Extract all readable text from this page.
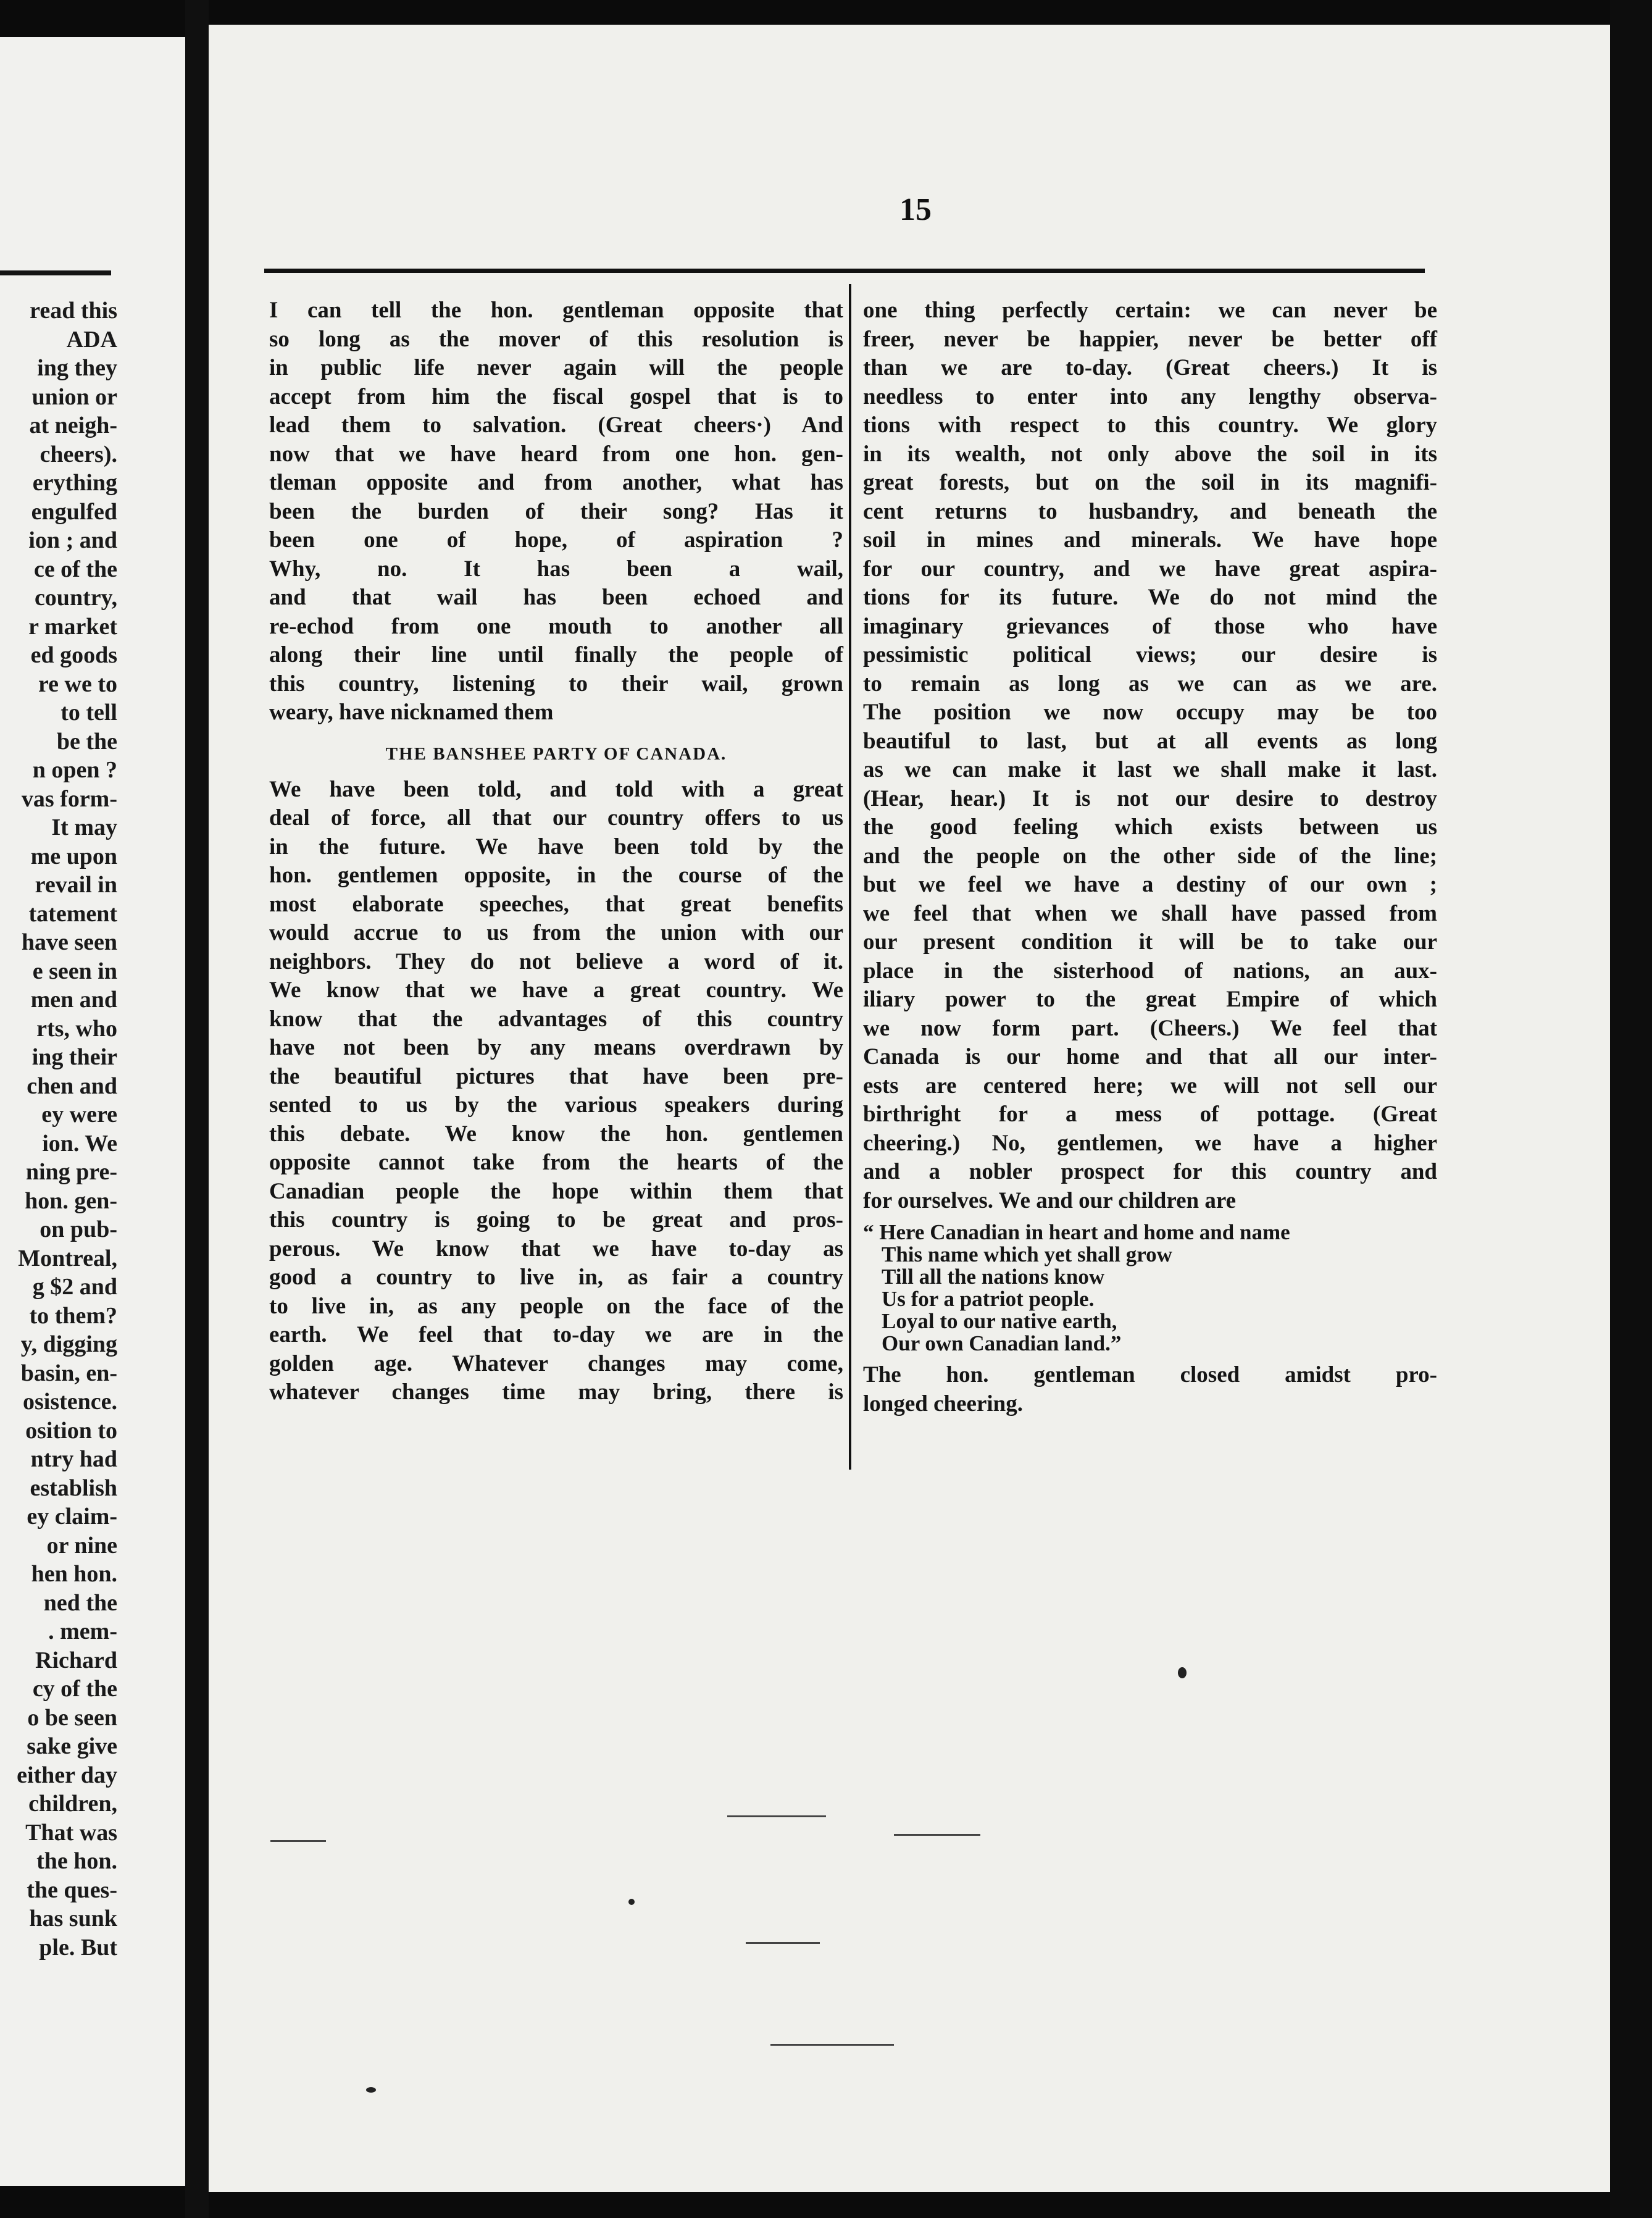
read this
ADA
ing they
union or
at neigh-
cheers).
erything
engulfed
ion ; and
ce of the
country,
r market
ed goods
re we to
to tell
be the
n open ?
vas form-
It may
me upon
revail in
tatement
have seen
e seen in
men and
rts, who
ing their
chen and
ey were
ion. We
ning pre-
hon. gen-
on pub-
Montreal,
g $2 and
to them?
y, digging
basin, en-
osistence.
osition to
ntry had
establish
ey claim-
or nine
hen hon.
ned the
. mem-
Richard
cy of the
o be seen
sake give
either day
children,
That was
the hon.
the ques-
has sunk
ple. But
15
I can tell the hon. gentleman opposite that
so long as the mover of this resolution is
in public life never again will the people
accept from him the fiscal gospel that is to
lead them to salvation. (Great cheers·) And
now that we have heard from one hon. gen-
tleman opposite and from another, what has
been the burden of their song? Has it
been one of hope, of aspiration ?
Why, no. It has been a wail,
and that wail has been echoed and
re-echod from one mouth to another all
along their line until finally the people of
this country, listening to their wail, grown
weary, have nicknamed them
THE BANSHEE PARTY OF CANADA.
We have been told, and told with a great
deal of force, all that our country offers to us
in the future. We have been told by the
hon. gentlemen opposite, in the course of the
most elaborate speeches, that great benefits
would accrue to us from the union with our
neighbors. They do not believe a word of it.
We know that we have a great country. We
know that the advantages of this country
have not been by any means overdrawn by
the beautiful pictures that have been pre-
sented to us by the various speakers during
this debate. We know the hon. gentlemen
opposite cannot take from the hearts of the
Canadian people the hope within them that
this country is going to be great and pros-
perous. We know that we have to-day as
good a country to live in, as fair a country
to live in, as any people on the face of the
earth. We feel that to-day we are in the
golden age. Whatever changes may come,
whatever changes time may bring, there is
one thing perfectly certain: we can never be
freer, never be happier, never be better off
than we are to-day. (Great cheers.) It is
needless to enter into any lengthy observa-
tions with respect to this country. We glory
in its wealth, not only above the soil in its
great forests, but on the soil in its magnifi-
cent returns to husbandry, and beneath the
soil in mines and minerals. We have hope
for our country, and we have great aspira-
tions for its future. We do not mind the
imaginary grievances of those who have
pessimistic political views; our desire is
to remain as long as we can as we are.
The position we now occupy may be too
beautiful to last, but at all events as long
as we can make it last we shall make it last.
(Hear, hear.) It is not our desire to destroy
the good feeling which exists between us
and the people on the other side of the line;
but we feel we have a destiny of our own ;
we feel that when we shall have passed from
our present condition it will be to take our
place in the sisterhood of nations, an aux-
iliary power to the great Empire of which
we now form part. (Cheers.) We feel that
Canada is our home and that all our inter-
ests are centered here; we will not sell our
birthright for a mess of pottage. (Great
cheering.) No, gentlemen, we have a higher
and a nobler prospect for this country and
for ourselves. We and our children are
“ Here Canadian in heart and home and name
This name which yet shall grow
Till all the nations know
Us for a patriot people.
Loyal to our native earth,
Our own Canadian land.”
The hon. gentleman closed amidst pro-
longed cheering.
